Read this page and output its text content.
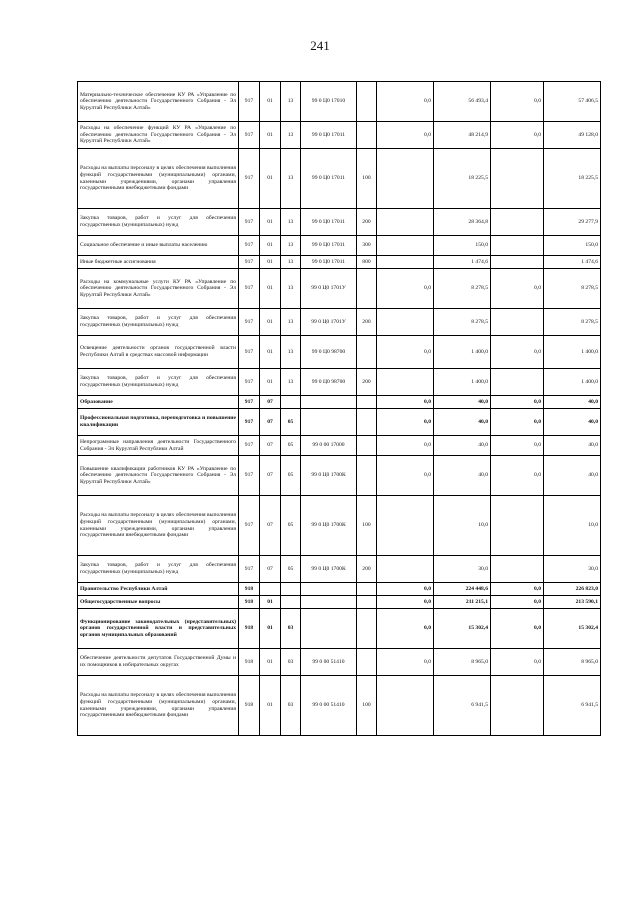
241
Материально-техническое обеспечение КУ РА «Управление по обеспечению деятельности Государственного Собрания - Эл Курултай Республики Алтай»	917	01	13	99 0 Ц0 17010		0,0	56 493,4	0,0	57 406,5
Расходы на обеспечение функций КУ РА «Управление по обеспечению деятельности Государственного Собрания - Эл Курултай Республики Алтай»	917	01	13	99 0 Ц0 17011		0,0	48 214,9	0,0	49 128,0
Расходы на выплаты персоналу в целях обеспечения выполнения функций государственными (муниципальными) органами, казенными учреждениями, органами управления государственными внебюджетными фондами	917	01	13	99 0 Ц0 17011	100		18 225,5		18 225,5
Закупка товаров, работ и услуг для обеспечения государственных (муниципальных) нужд	917	01	13	99 0 Ц0 17011	200		28 364,8		29 277,9
Социальное обеспечение и иные выплаты населению	917	01	13	99 0 Ц0 17011	300		150,0		150,0
Иные бюджетные ассигнования	917	01	13	99 0 Ц0 17011	800		1 474,6		1 474,6
Расходы на коммунальные услуги КУ РА «Управление по обеспечению деятельности Государственного Собрания - Эл Курултай Республики Алтай»	917	01	13	99 0 Ц0 1701У		0,0	8 278,5	0,0	8 278,5
Закупка товаров, работ и услуг для обеспечения государственных (муниципальных) нужд	917	01	13	99 0 Ц0 1701У	200		8 278,5		8 278,5
Освещение деятельности органов государственной власти Республики Алтай в средствах массовой информации	917	01	13	99 0 Ц0 98700		0,0	1 400,0	0,0	1 400,0
Закупка товаров, работ и услуг для обеспечения государственных (муниципальных) нужд	917	01	13	99 0 Ц0 98700	200		1 400,0		1 400,0
Образование	917	07				0,0	40,0	0,0	40,0
Профессиональная подготовка, переподготовка и повышение квалификации	917	07	05			0,0	40,0	0,0	40,0
Непрограммные направления деятельности Государственного Собрания - Эл Курултай Республики Алтай	917	07	05	99 0 00 17000		0,0	40,0	0,0	40,0
Повышение квалификации работников КУ РА «Управление по обеспечению деятельности Государственного Собрания - Эл Курултай Республики Алтай»	917	07	05	99 0 Ц0 1700К		0,0	40,0	0,0	40,0
Расходы на выплаты персоналу в целях обеспечения выполнения функций государственными (муниципальными) органами, казенными учреждениями, органами управления государственными внебюджетными фондами	917	07	05	99 0 Ц0 1700К	100		10,0		10,0
Закупка товаров, работ и услуг для обеспечения государственных (муниципальных) нужд	917	07	05	99 0 Ц0 1700К	200		30,0		30,0
Правительство Республики Алтай	918					0,0	224 448,6	0,0	226 823,0
Общегосударственные вопросы	918	01				0,0	211 215,1	0,0	213 590,1
Функционирование законодательных (представительных) органов государственной власти и представительных органов муниципальных образований	918	01	03			0,0	15 302,4	0,0	15 302,4
Обеспечение деятельности депутатов Государственной Думы и их помощников в избирательных округах	918	01	03	99 0 00 51410		0,0	8 965,0	0,0	8 965,0
Расходы на выплаты персоналу в целях обеспечения выполнения функций государственными (муниципальными) органами, казенными учреждениями, органами управления государственными внебюджетными фондами	918	01	03	99 0 00 51410	100		6 941,5		6 941,5
